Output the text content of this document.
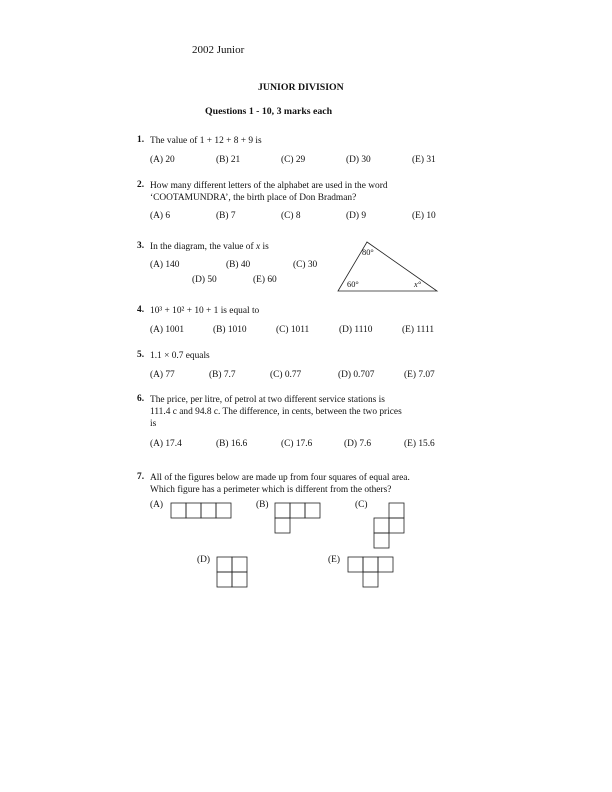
2002 Junior
JUNIOR DIVISION
Questions 1 - 10, 3 marks each
1. The value of 1 + 12 + 8 + 9 is
(A) 20	(B) 21	(C) 29	(D) 30	(E) 31
2. How many different letters of the alphabet are used in the word
‘COOTAMUNDRA’, the birth place of Don Bradman?
(A) 6	(B) 7	(C) 8	(D) 9	(E) 10
3. In the diagram, the value of x is
(A) 140	(B) 40	(C) 30
(D) 50	(E) 60
80°
60°	x°
4. 10³ + 10² + 10 + 1 is equal to
(A) 1001	(B) 1010	(C) 1011	(D) 1110	(E) 1111
5. 1.1 × 0.7 equals
(A) 77	(B) 7.7	(C) 0.77	(D) 0.707	(E) 7.07
6. The price, per litre, of petrol at two different service stations is
111.4 c and 94.8 c. The difference, in cents, between the two prices
is
(A) 17.4	(B) 16.6	(C) 17.6	(D) 7.6	(E) 15.6
7. All of the figures below are made up from four squares of equal area.
Which figure has a perimeter which is different from the others?
(A)	(B)	(C)
(D)	(E)
